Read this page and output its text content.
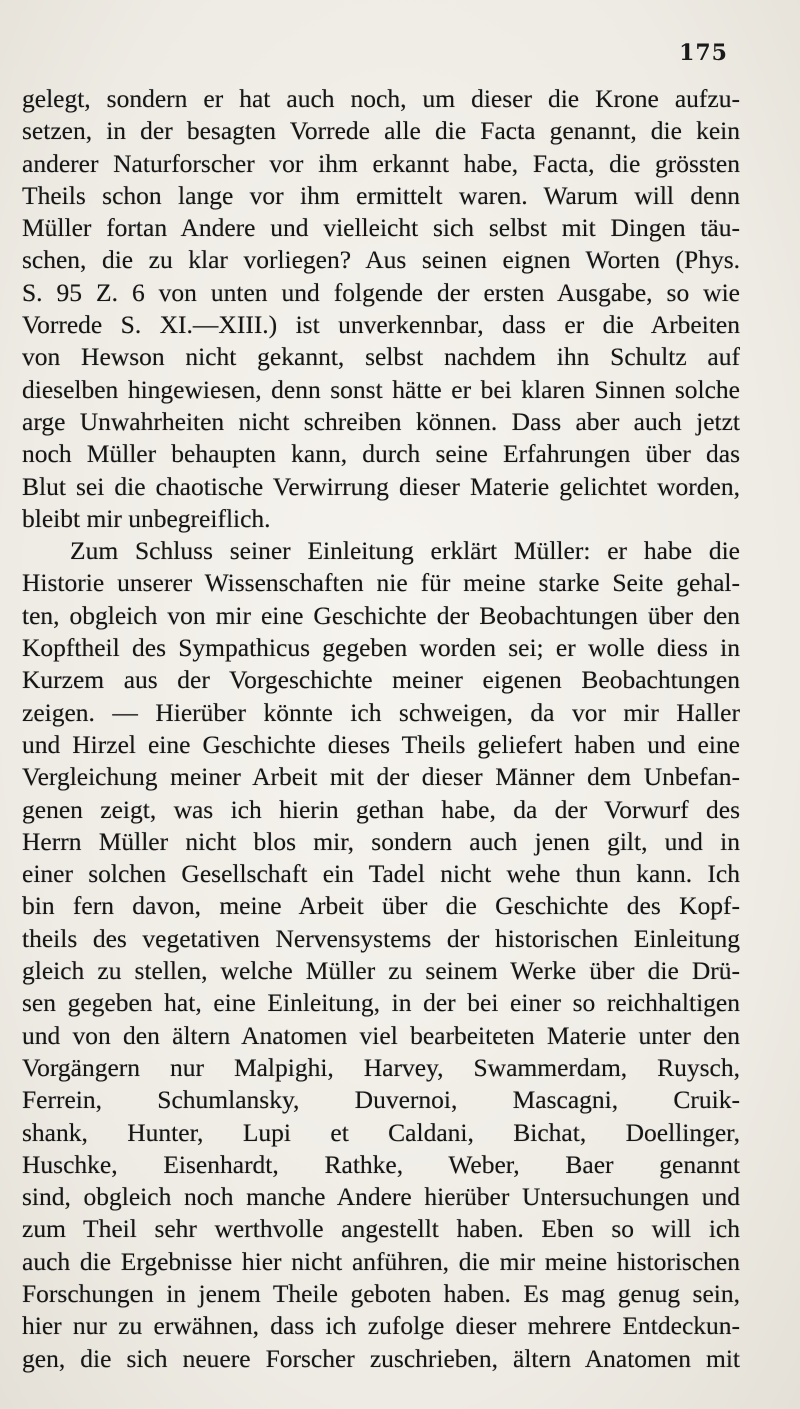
175
gelegt, sondern er hat auch noch, um dieser die Krone aufzu-
setzen, in der besagten Vorrede alle die Facta genannt, die kein
anderer Naturforscher vor ihm erkannt habe, Facta, die grössten
Theils schon lange vor ihm ermittelt waren. Warum will denn
Müller fortan Andere und vielleicht sich selbst mit Dingen täu-
schen, die zu klar vorliegen? Aus seinen eignen Worten (Phys.
S. 95 Z. 6 von unten und folgende der ersten Ausgabe, so wie
Vorrede S. XI.—XIII.) ist unverkennbar, dass er die Arbeiten
von Hewson nicht gekannt, selbst nachdem ihn Schultz auf
dieselben hingewiesen, denn sonst hätte er bei klaren Sinnen solche
arge Unwahrheiten nicht schreiben können. Dass aber auch jetzt
noch Müller behaupten kann, durch seine Erfahrungen über das
Blut sei die chaotische Verwirrung dieser Materie gelichtet worden,
bleibt mir unbegreiflich.
Zum Schluss seiner Einleitung erklärt Müller: er habe die
Historie unserer Wissenschaften nie für meine starke Seite gehal-
ten, obgleich von mir eine Geschichte der Beobachtungen über den
Kopftheil des Sympathicus gegeben worden sei; er wolle diess in
Kurzem aus der Vorgeschichte meiner eigenen Beobachtungen
zeigen. — Hierüber könnte ich schweigen, da vor mir Haller
und Hirzel eine Geschichte dieses Theils geliefert haben und eine
Vergleichung meiner Arbeit mit der dieser Männer dem Unbefan-
genen zeigt, was ich hierin gethan habe, da der Vorwurf des
Herrn Müller nicht blos mir, sondern auch jenen gilt, und in
einer solchen Gesellschaft ein Tadel nicht wehe thun kann. Ich
bin fern davon, meine Arbeit über die Geschichte des Kopf-
theils des vegetativen Nervensystems der historischen Einleitung
gleich zu stellen, welche Müller zu seinem Werke über die Drü-
sen gegeben hat, eine Einleitung, in der bei einer so reichhaltigen
und von den ältern Anatomen viel bearbeiteten Materie unter den
Vorgängern nur Malpighi, Harvey, Swammerdam, Ruysch,
Ferrein, Schumlansky, Duvernoi, Mascagni, Cruik-
shank, Hunter, Lupi et Caldani, Bichat, Doellinger,
Huschke, Eisenhardt, Rathke, Weber, Baer genannt
sind, obgleich noch manche Andere hierüber Untersuchungen und
zum Theil sehr werthvolle angestellt haben. Eben so will ich
auch die Ergebnisse hier nicht anführen, die mir meine historischen
Forschungen in jenem Theile geboten haben. Es mag genug sein,
hier nur zu erwähnen, dass ich zufolge dieser mehrere Entdeckun-
gen, die sich neuere Forscher zuschrieben, ältern Anatomen mit
